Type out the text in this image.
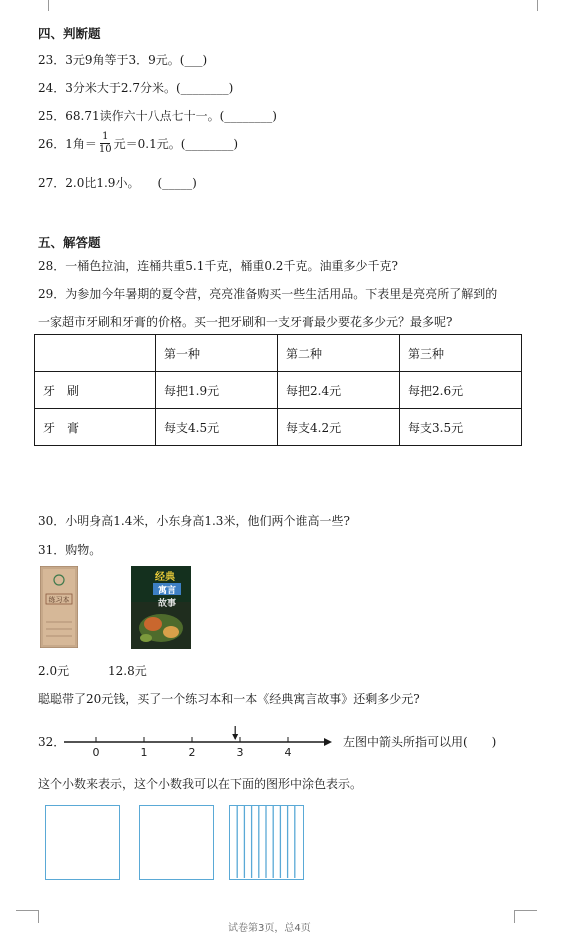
四、判断题
23．3元9角等于3．9元。(___)
24．3分米大于2.7分米。(________)
25．68.71读作六十八点七十一。(________)
26．1角＝ $\frac{1}{10}$ 元＝0.1元。(________)
27．2.0比1.9小。　　(_____)
五、解答题
28．一桶色拉油，连桶共重5.1千克，桶重0.2千克。油重多少千克?
29．为参加今年暑期的夏令营，亮亮准备购买一些生活用品。下表里是亮亮所了解到的
一家超市牙刷和牙膏的价格。买一把牙刷和一支牙膏最少要花多少元？最多呢?
	第一种	第二种	第三种
牙　刷	每把1.9元	每把2.4元	每把2.6元
牙　膏	每支4.5元	每支4.2元	每支3.5元
30．小明身高1.4米，小东身高1.3米，他们两个谁高一些?
31．购物。
练习本
经典
寓言
故事
2.0元	12.8元
聪聪带了20元钱，买了一个练习本和一本《经典寓言故事》还剩多少元?
32．
0	1	2	3	4
左图中箭头所指可以用(　　)
这个小数来表示，这个小数我可以在下面的图形中涂色表示。
试卷第3页，总4页
